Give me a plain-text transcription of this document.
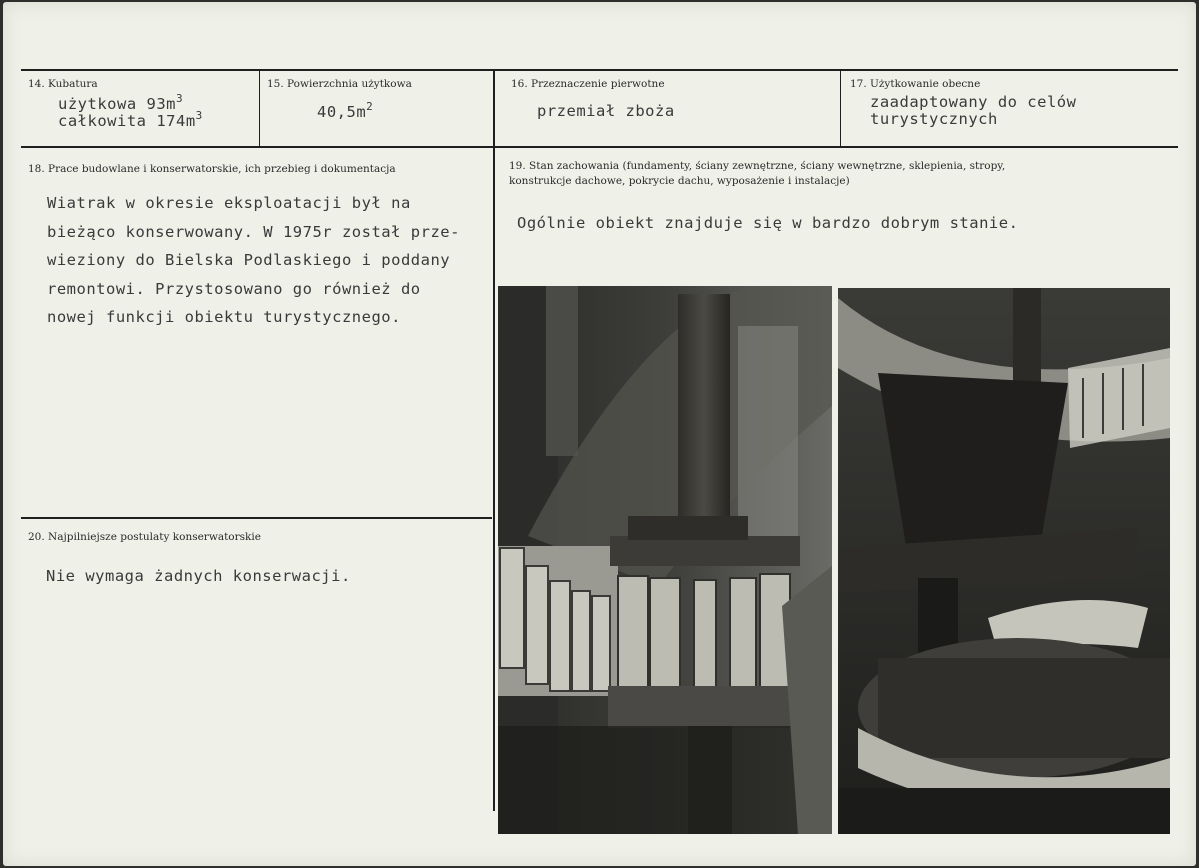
14. Kubatura
użytkowa $93m^3$
całkowita $174m^3$
15. Powierzchnia użytkowa
$40,5m^2$
16. Przeznaczenie pierwotne
przemiał zboża
17. Użytkowanie obecne
zaadaptowany do celów
turystycznych
18. Prace budowlane i konserwatorskie, ich przebieg i dokumentacja
Wiatrak w okresie eksploatacji był na
bieżąco konserwowany. W 1975r został prze-
wieziony do Bielska Podlaskiego i poddany
remontowi. Przystosowano go również do
nowej funkcji obiektu turystycznego.
19. Stan zachowania (fundamenty, ściany zewnętrzne, ściany wewnętrzne, sklepienia, stropy,
konstrukcje dachowe, pokrycie dachu, wyposażenie i instalacje)
Ogólnie obiekt znajduje się w bardzo dobrym stanie.
20. Najpilniejsze postulaty konserwatorskie
Nie wymaga żadnych konserwacji.
